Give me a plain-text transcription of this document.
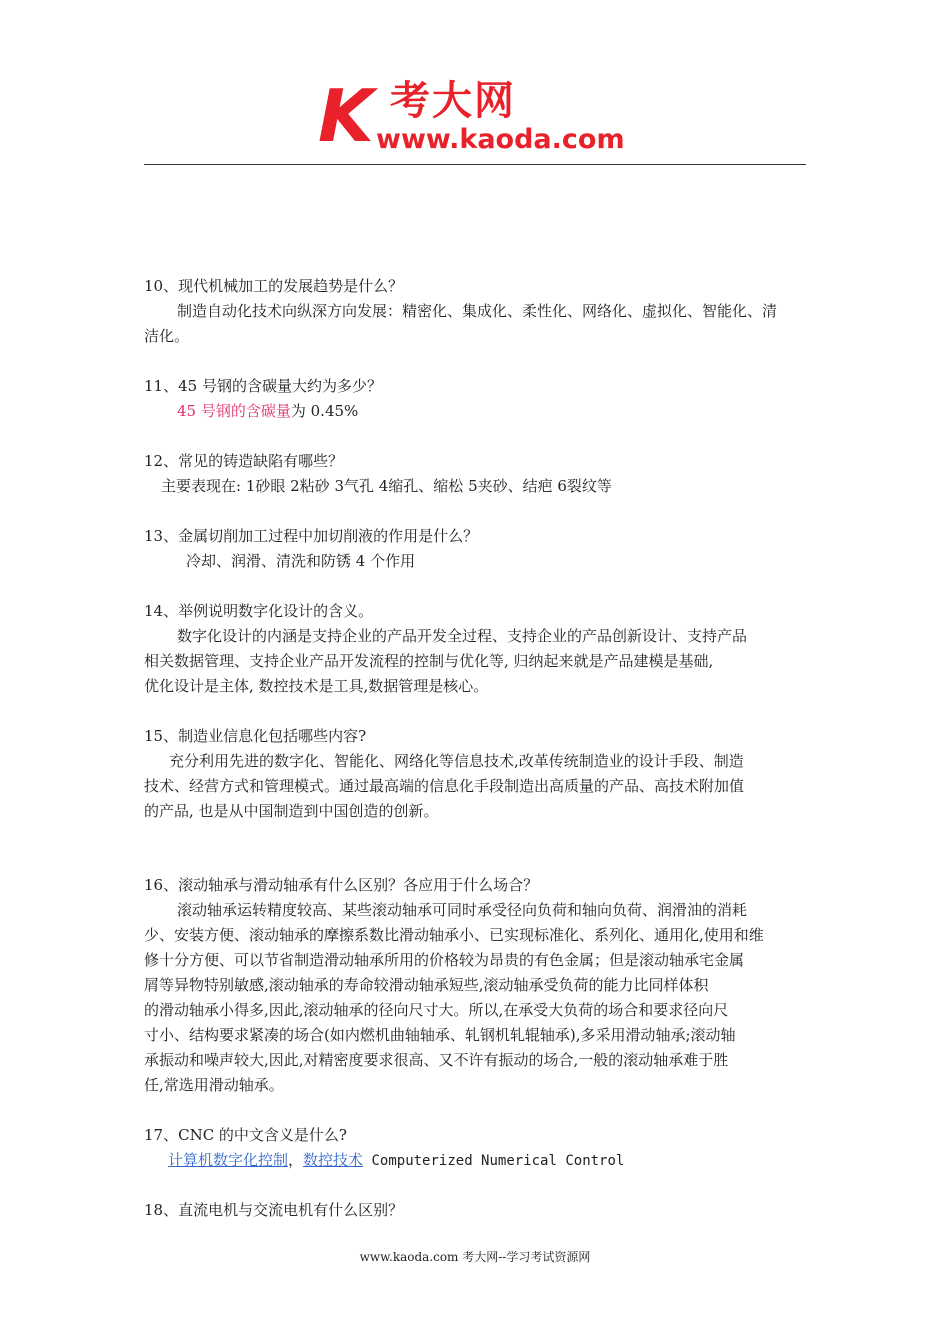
K 考大网
www.kaoda.com
10、现代机械加工的发展趋势是什么？
制造自动化技术向纵深方向发展：精密化、集成化、柔性化、网络化、虚拟化、智能化、清
洁化。
11、45 号钢的含碳量大约为多少？
45 号钢的含碳量为 0.45%
12、常见的铸造缺陷有哪些？
主要表现在: 1砂眼 2粘砂 3气孔 4缩孔、缩松 5夹砂、结疤 6裂纹等
13、金属切削加工过程中加切削液的作用是什么？
冷却、润滑、清洗和防锈 4 个作用
14、举例说明数字化设计的含义。
数字化设计的内涵是支持企业的产品开发全过程、支持企业的产品创新设计、支持产品
相关数据管理、支持企业产品开发流程的控制与优化等, 归纳起来就是产品建模是基础,
优化设计是主体, 数控技术是工具,数据管理是核心。
15、制造业信息化包括哪些内容?
充分利用先进的数字化、智能化、网络化等信息技术,改革传统制造业的设计手段、制造
技术、经营方式和管理模式。通过最高端的信息化手段制造出高质量的产品、高技术附加值
的产品, 也是从中国制造到中国创造的创新。
16、滚动轴承与滑动轴承有什么区别？各应用于什么场合？
滚动轴承运转精度较高、某些滚动轴承可同时承受径向负荷和轴向负荷、润滑油的消耗
少、安装方便、滚动轴承的摩擦系数比滑动轴承小、已实现标准化、系列化、通用化,使用和维
修十分方便、可以节省制造滑动轴承所用的价格较为昂贵的有色金属；但是滚动轴承宅金属
屑等异物特别敏感,滚动轴承的寿命较滑动轴承短些,滚动轴承受负荷的能力比同样体积
的滑动轴承小得多,因此,滚动轴承的径向尺寸大。所以,在承受大负荷的场合和要求径向尺
寸小、结构要求紧凑的场合(如内燃机曲轴轴承、轧钢机轧辊轴承),多采用滑动轴承;滚动轴
承振动和噪声较大,因此,对精密度要求很高、又不许有振动的场合,一般的滚动轴承难于胜
任,常选用滑动轴承。
17、CNC 的中文含义是什么?
计算机数字化控制，数控技术 Computerized Numerical Control
18、直流电机与交流电机有什么区别？
www.kaoda.com 考大网--学习考试资源网
